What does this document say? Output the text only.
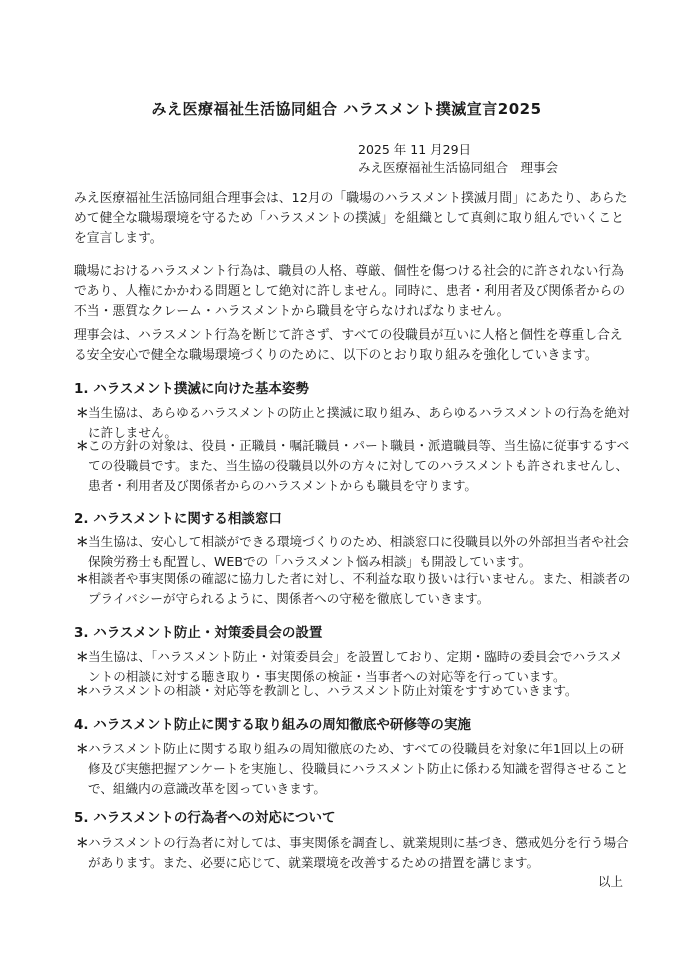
みえ医療福祉生活協同組合 ハラスメント撲滅宣言2025
2025 年 11 月29日
みえ医療福祉生活協同組合　理事会

みえ医療福祉生活協同組合理事会は、12月の「職場のハラスメント撲滅月間」にあたり、あらためて健全な職場環境を守るため「ハラスメントの撲滅」を組織として真剣に取り組んでいくことを宣言します。

職場におけるハラスメント行為は、職員の人格、尊厳、個性を傷つける社会的に許されない行為であり、人権にかかわる問題として絶対に許しません。同時に、患者・利用者及び関係者からの不当・悪質なクレーム・ハラスメントから職員を守らなければなりません。

理事会は、ハラスメント行為を断じて許さず、すべての役職員が互いに人格と個性を尊重し合える安全安心で健全な職場環境づくりのために、以下のとおり取り組みを強化していきます。

1. ハラスメント撲滅に向けた基本姿勢
＊ 当生協は、あらゆるハラスメントの防止と撲滅に取り組み、あらゆるハラスメントの行為を絶対に許しません。
＊ この方針の対象は、役員・正職員・嘱託職員・パート職員・派遣職員等、当生協に従事するすべての役職員です。また、当生協の役職員以外の方々に対してのハラスメントも許されませんし、患者・利用者及び関係者からのハラスメントからも職員を守ります。
2. ハラスメントに関する相談窓口
＊ 当生協は、安心して相談ができる環境づくりのため、相談窓口に役職員以外の外部担当者や社会保険労務士も配置し、WEBでの「ハラスメント悩み相談」も開設しています。
＊ 相談者や事実関係の確認に協力した者に対し、不利益な取り扱いは行いません。また、相談者のプライバシーが守られるように、関係者への守秘を徹底していきます。
3. ハラスメント防止・対策委員会の設置
＊ 当生協は、「ハラスメント防止・対策委員会」を設置しており、定期・臨時の委員会でハラスメントの相談に対する聴き取り・事実関係の検証・当事者への対応等を行っています。
＊ ハラスメントの相談・対応等を教訓とし、ハラスメント防止対策をすすめていきます。
4. ハラスメント防止に関する取り組みの周知徹底や研修等の実施
＊ ハラスメント防止に関する取り組みの周知徹底のため、すべての役職員を対象に年1回以上の研修及び実態把握アンケートを実施し、役職員にハラスメント防止に係わる知識を習得させることで、組織内の意識改革を図っていきます。
5. ハラスメントの行為者への対応について
＊ ハラスメントの行為者に対しては、事実関係を調査し、就業規則に基づき、懲戒処分を行う場合があります。また、必要に応じて、就業環境を改善するための措置を講じます。
以上
